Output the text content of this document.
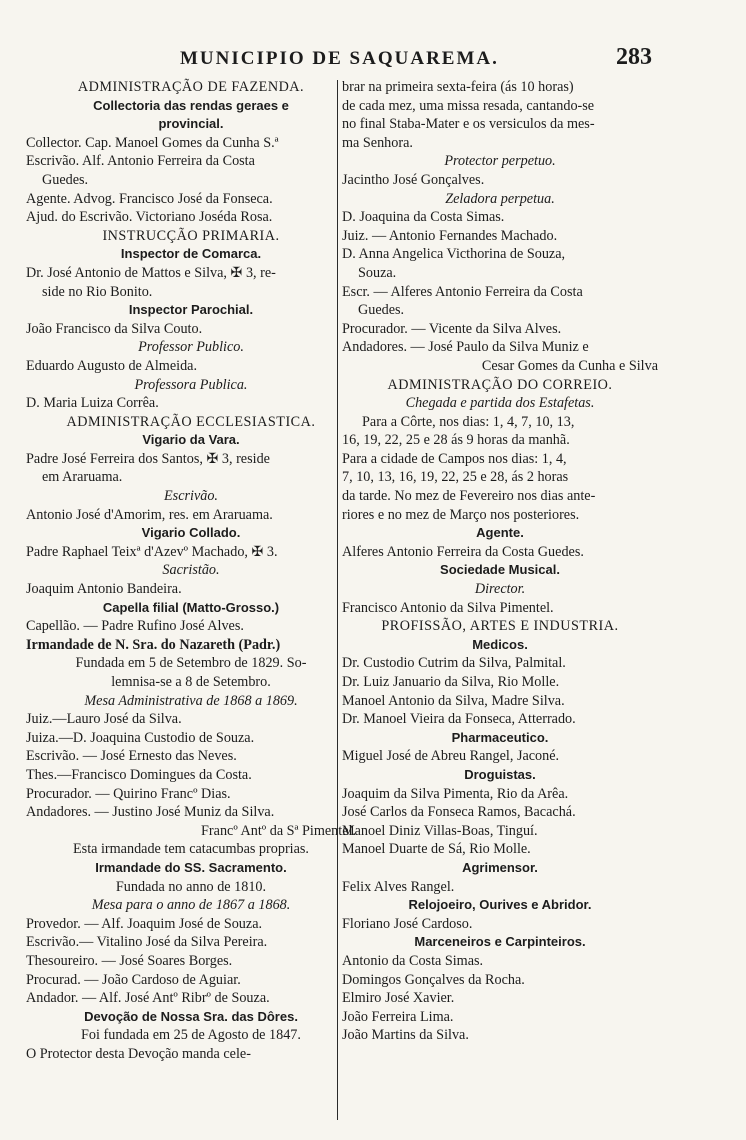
MUNICIPIO DE SAQUAREMA.	283
ADMINISTRAÇÃO DE FAZENDA.
Collectoria das rendas geraes e
provincial.
Collector. Cap. Manoel Gomes da Cunha S.ª
Escrivão. Alf. Antonio Ferreira da Costa
Guedes.
Agente. Advog. Francisco José da Fonseca.
Ajud. do Escrivão. Victoriano Joséda Rosa.
INSTRUCÇÃO PRIMARIA.
Inspector de Comarca.
Dr. José Antonio de Mattos e Silva, ✠ 3, re-
side no Rio Bonito.
Inspector Parochial.
João Francisco da Silva Couto.
Professor Publico.
Eduardo Augusto de Almeida.
Professora Publica.
D. Maria Luiza Corrêa.
ADMINISTRAÇÃO ECCLESIASTICA.
Vigario da Vara.
Padre José Ferreira dos Santos, ✠ 3, reside
em Araruama.
Escrivão.
Antonio José d'Amorim, res. em Araruama.
Vigario Collado.
Padre Raphael Teixª d'Azevº Machado, ✠ 3.
Sacristão.
Joaquim Antonio Bandeira.
Capella filial (Matto-Grosso.)
Capellão. — Padre Rufino José Alves.
Irmandade de N. Sra. do Nazareth (Padr.)
Fundada em 5 de Setembro de 1829. So-
lemnisa-se a 8 de Setembro.
Mesa Administrativa de 1868 a 1869.
Juiz.—Lauro José da Silva.
Juiza.—D. Joaquina Custodio de Souza.
Escrivão. — José Ernesto das Neves.
Thes.—Francisco Domingues da Costa.
Procurador. — Quirino Francº Dias.
Andadores. — Justino José Muniz da Silva.
Francº Antº da Sª Pimentel.
Esta irmandade tem catacumbas proprias.
Irmandade do SS. Sacramento.
Fundada no anno de 1810.
Mesa para o anno de 1867 a 1868.
Provedor. — Alf. Joaquim José de Souza.
Escrivão.— Vitalino José da Silva Pereira.
Thesoureiro. — José Soares Borges.
Procurad. — João Cardoso de Aguiar.
Andador. — Alf. José Antº Ribrº de Souza.
Devoção de Nossa Sra. das Dôres.
Foi fundada em 25 de Agosto de 1847.
O Protector desta Devoção manda cele-
brar na primeira sexta-feira (ás 10 horas)
de cada mez, uma missa resada, cantando-se
no final Staba-Mater e os versiculos da mes-
ma Senhora.
Protector perpetuo.
Jacintho José Gonçalves.
Zeladora perpetua.
D. Joaquina da Costa Simas.
Juiz. — Antonio Fernandes Machado.
D. Anna Angelica Victhorina de Souza,
Souza.
Escr. — Alferes Antonio Ferreira da Costa
Guedes.
Procurador. — Vicente da Silva Alves.
Andadores. — José Paulo da Silva Muniz e
Cesar Gomes da Cunha e Silva
ADMINISTRAÇÃO DO CORREIO.
Chegada e partida dos Estafetas.
Para a Côrte, nos dias: 1, 4, 7, 10, 13,
16, 19, 22, 25 e 28 ás 9 horas da manhã.
Para a cidade de Campos nos dias: 1, 4,
7, 10, 13, 16, 19, 22, 25 e 28, ás 2 horas
da tarde. No mez de Fevereiro nos dias ante-
riores e no mez de Março nos posteriores.
Agente.
Alferes Antonio Ferreira da Costa Guedes.
Sociedade Musical.
Director.
Francisco Antonio da Silva Pimentel.
PROFISSÃO, ARTES E INDUSTRIA.
Medicos.
Dr. Custodio Cutrim da Silva, Palmital.
Dr. Luiz Januario da Silva, Rio Molle.
Manoel Antonio da Silva, Madre Silva.
Dr. Manoel Vieira da Fonseca, Atterrado.
Pharmaceutico.
Miguel José de Abreu Rangel, Jaconé.
Droguistas.
Joaquim da Silva Pimenta, Rio da Arêa.
José Carlos da Fonseca Ramos, Bacachá.
Manoel Diniz Villas-Boas, Tinguí.
Manoel Duarte de Sá, Rio Molle.
Agrimensor.
Felix Alves Rangel.
Relojoeiro, Ourives e Abridor.
Floriano José Cardoso.
Marceneiros e Carpinteiros.
Antonio da Costa Simas.
Domingos Gonçalves da Rocha.
Elmiro José Xavier.
João Ferreira Lima.
João Martins da Silva.
